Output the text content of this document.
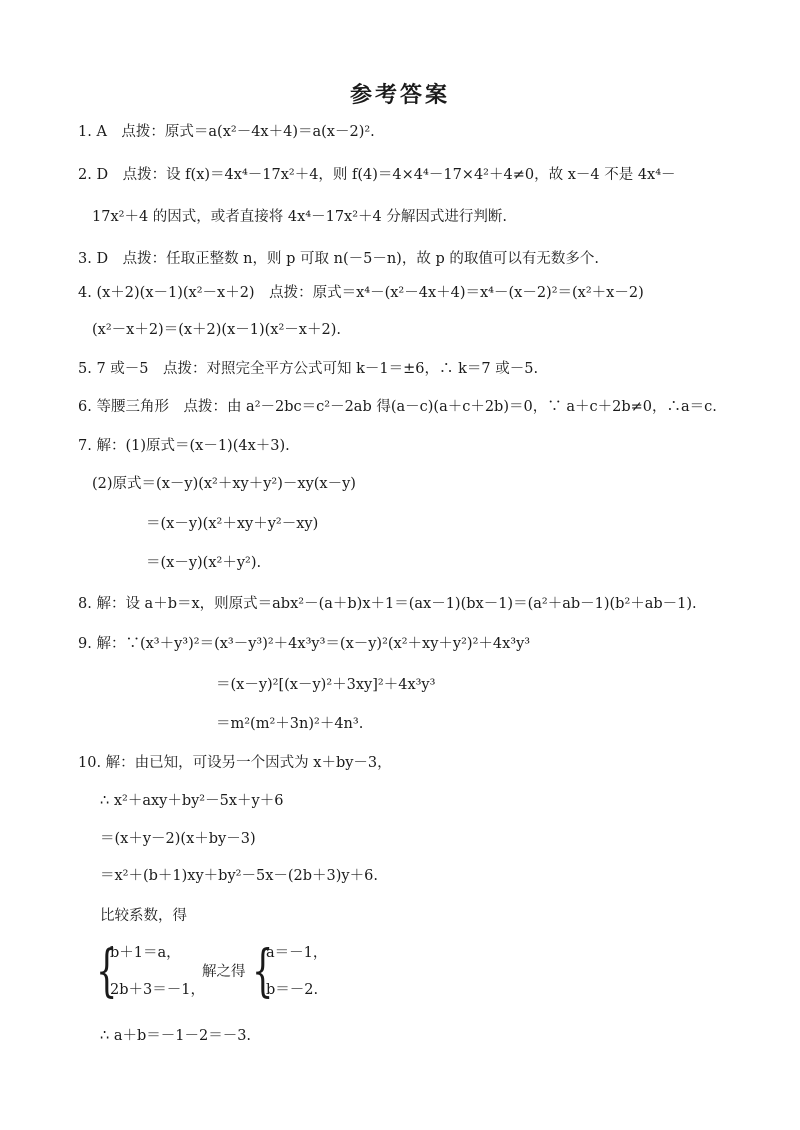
参考答案
1. A　点拨：原式＝a(x²－4x＋4)＝a(x－2)².
2. D　点拨：设 f(x)＝4x⁴－17x²＋4，则 f(4)＝4×4⁴－17×4²＋4≠0，故 x－4 不是 4x⁴－
17x²＋4 的因式，或者直接将 4x⁴－17x²＋4 分解因式进行判断.
3. D　点拨：任取正整数 n，则 p 可取 n(－5－n)，故 p 的取值可以有无数多个.
4. (x＋2)(x－1)(x²－x＋2)　点拨：原式＝x⁴－(x²－4x＋4)＝x⁴－(x－2)²＝(x²＋x－2)
(x²－x＋2)＝(x＋2)(x－1)(x²－x＋2).
5. 7 或－5　点拨：对照完全平方公式可知 k－1＝±6，∴ k＝7 或－5.
6. 等腰三角形　点拨：由 a²－2bc＝c²－2ab 得(a－c)(a＋c＋2b)＝0，∵ a＋c＋2b≠0，∴a＝c.
7. 解：(1)原式＝(x－1)(4x＋3).
(2)原式＝(x－y)(x²＋xy＋y²)－xy(x－y)
＝(x－y)(x²＋xy＋y²－xy)
＝(x－y)(x²＋y²).
8. 解：设 a＋b＝x，则原式＝abx²－(a＋b)x＋1＝(ax－1)(bx－1)＝(a²＋ab－1)(b²＋ab－1).
9. 解：∵(x³＋y³)²＝(x³－y³)²＋4x³y³＝(x－y)²(x²＋xy＋y²)²＋4x³y³
＝(x－y)²[(x－y)²＋3xy]²＋4x³y³
＝m²(m²＋3n)²＋4n³.
10. 解：由已知，可设另一个因式为 x＋by－3，
∴ x²＋axy＋by²－5x＋y＋6
＝(x＋y－2)(x＋by－3)
＝x²＋(b＋1)xy＋by²－5x－(2b＋3)y＋6.
比较系数，得
{
b＋1＝a，
2b＋3＝－1，
解之得 {
a＝－1，
b＝－2.
∴ a＋b＝－1－2＝－3.
